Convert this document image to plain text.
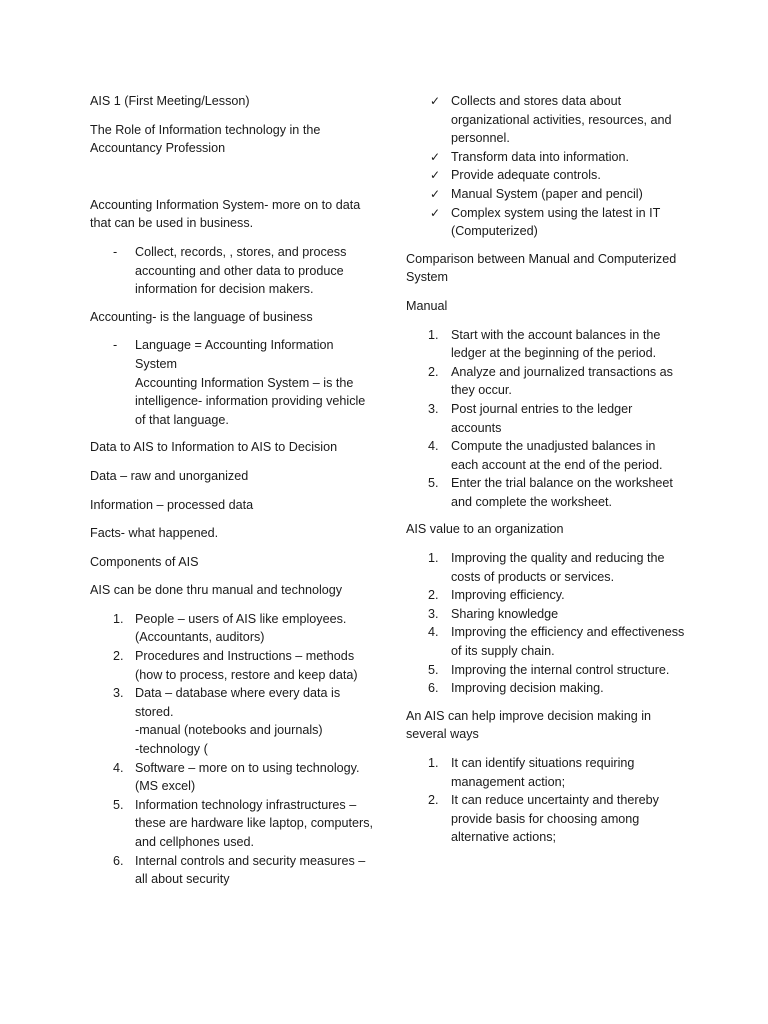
AIS 1 (First Meeting/Lesson)

The Role of Information technology in the Accountancy Profession

Accounting Information System- more on to data that can be used in business.

- Collect, records, , stores, and process accounting and other data to produce information for decision makers.

Accounting- is the language of business

- Language = Accounting Information System
Accounting Information System – is the intelligence- information providing vehicle of that language.

Data to AIS to Information to AIS to Decision

Data – raw and unorganized

Information – processed data

Facts- what happened.

Components of AIS

AIS can be done thru manual and technology

1. People – users of AIS like employees. (Accountants, auditors)
2. Procedures and Instructions – methods (how to process, restore and keep data)
3. Data – database where every data is stored.
-manual (notebooks and journals)
-technology (
4. Software – more on to using technology. (MS excel)
5. Information technology infrastructures – these are hardware like laptop, computers, and cellphones used.
6. Internal controls and security measures – all about security
✓ Collects and stores data about organizational activities, resources, and personnel.
✓ Transform data into information.
✓ Provide adequate controls.
✓ Manual System (paper and pencil)
✓ Complex system using the latest in IT (Computerized)

Comparison between Manual and Computerized System

Manual

1. Start with the account balances in the ledger at the beginning of the period.
2. Analyze and journalized transactions as they occur.
3. Post journal entries to the ledger accounts
4. Compute the unadjusted balances in each account at the end of the period.
5. Enter the trial balance on the worksheet and complete the worksheet.

AIS value to an organization

1. Improving the quality and reducing the costs of products or services.
2. Improving efficiency.
3. Sharing knowledge
4. Improving the efficiency and effectiveness of its supply chain.
5. Improving the internal control structure.
6. Improving decision making.

An AIS can help improve decision making in several ways

1. It can identify situations requiring management action;
2. It can reduce uncertainty and thereby provide basis for choosing among alternative actions;
